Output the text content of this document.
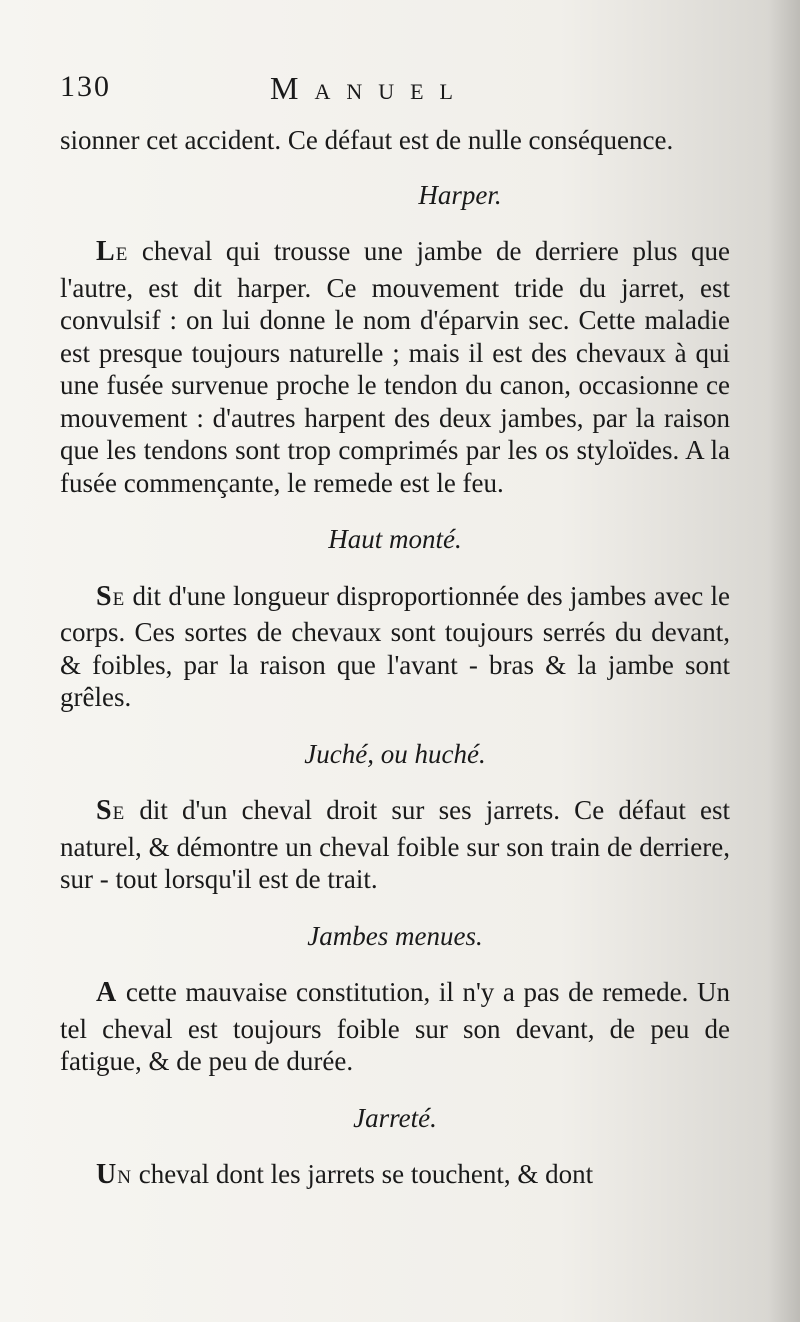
130	Manuel

sionner cet accident. Ce défaut est de nulle conséquence.

Harper.

LE cheval qui trousse une jambe de derriere plus que l'autre, est dit harper. Ce mouvement tride du jarret, est convulsif : on lui donne le nom d'éparvin sec. Cette maladie est presque toujours naturelle ; mais il est des chevaux à qui une fusée survenue proche le tendon du canon, occasionne ce mouvement : d'autres harpent des deux jambes, par la raison que les tendons sont trop comprimés par les os styloïdes. A la fusée commençante, le remede est le feu.

Haut monté.

SE dit d'une longueur disproportionnée des jambes avec le corps. Ces sortes de chevaux sont toujours serrés du devant, & foibles, par la raison que l'avant - bras & la jambe sont grêles.

Juché, ou huché.

SE dit d'un cheval droit sur ses jarrets. Ce défaut est naturel, & démontre un cheval foible sur son train de derriere, sur - tout lorsqu'il est de trait.

Jambes menues.

A cette mauvaise constitution, il n'y a pas de remede. Un tel cheval est toujours foible sur son devant, de peu de fatigue, & de peu de durée.

Jarreté.

UN cheval dont les jarrets se touchent, & dont
